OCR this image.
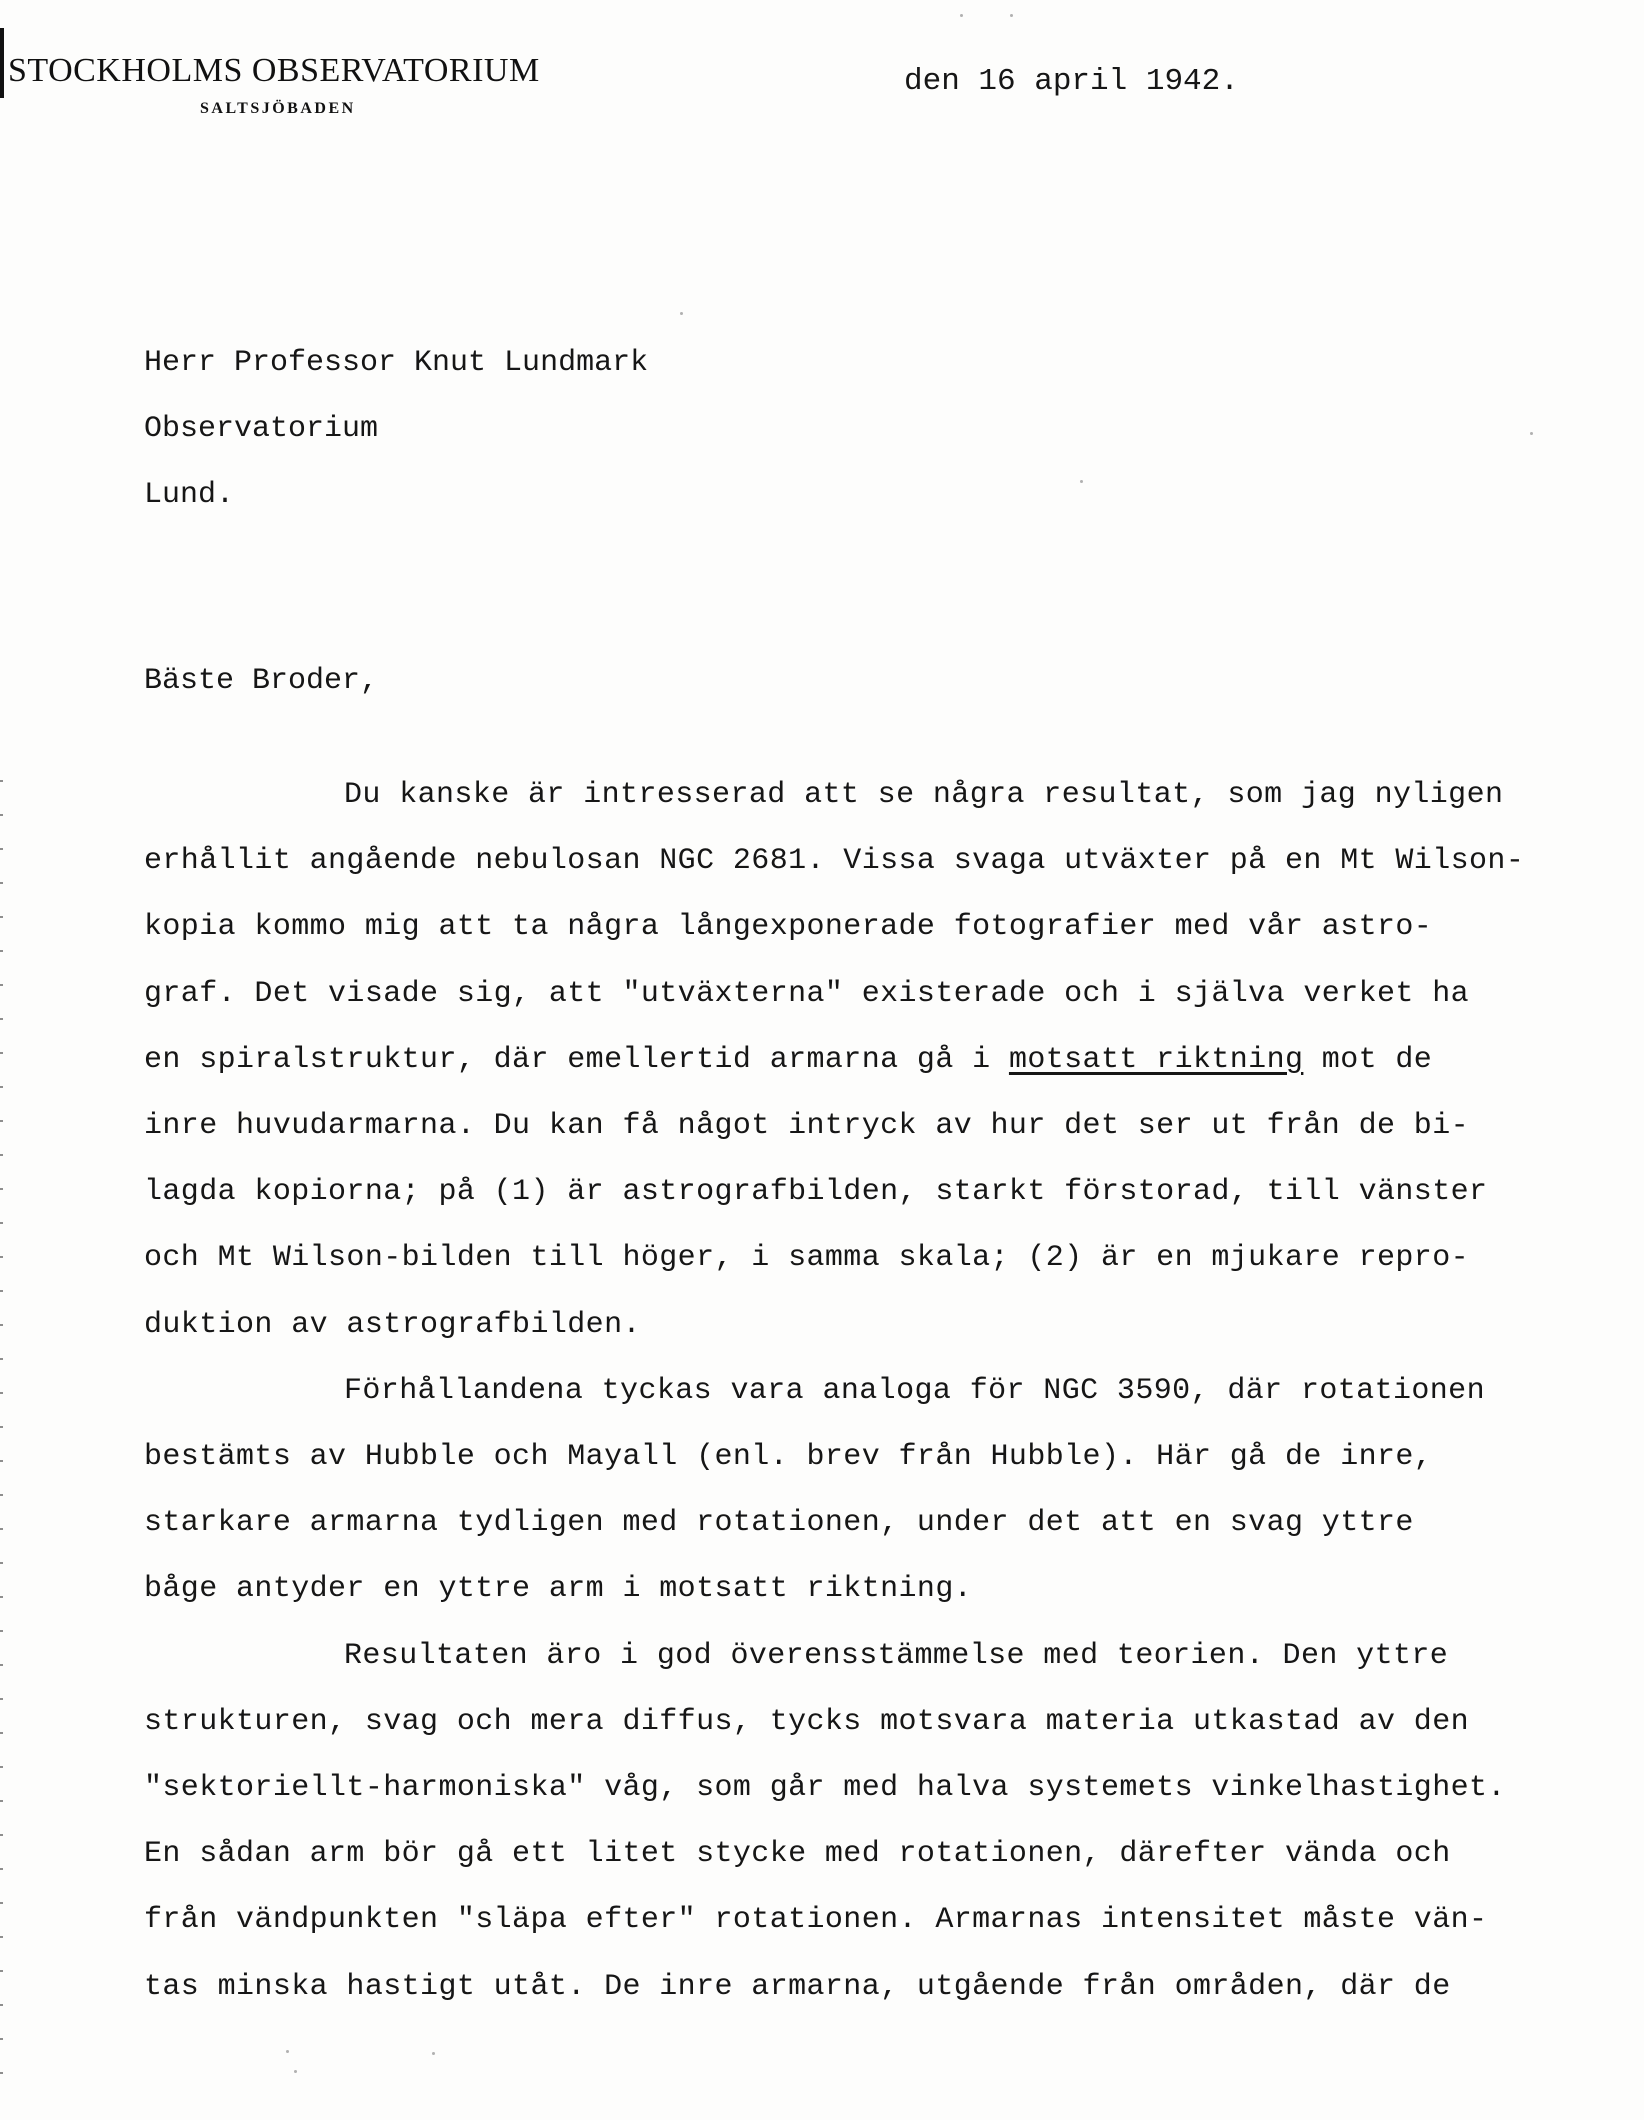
STOCKHOLMS OBSERVATORIUM
SALTSJÖBADEN
den 16 april 1942.
Herr Professor Knut Lundmark
Observatorium
Lund.
Bäste Broder,
Du kanske är intresserad att se några resultat, som jag nyligen
erhållit angående nebulosan NGC 2681. Vissa svaga utväxter på en Mt Wilson-
kopia kommo mig att ta några långexponerade fotografier med vår astro-
graf. Det visade sig, att "utväxterna" existerade och i själva verket ha
en spiralstruktur, där emellertid armarna gå i motsatt riktning mot de
inre huvudarmarna. Du kan få något intryck av hur det ser ut från de bi-
lagda kopiorna; på (1) är astrografbilden, starkt förstorad, till vänster
och Mt Wilson-bilden till höger, i samma skala; (2) är en mjukare repro-
duktion av astrografbilden.
Förhållandena tyckas vara analoga för NGC 3590, där rotationen
bestämts av Hubble och Mayall (enl. brev från Hubble). Här gå de inre,
starkare armarna tydligen med rotationen, under det att en svag yttre
båge antyder en yttre arm i motsatt riktning.
Resultaten äro i god överensstämmelse med teorien. Den yttre
strukturen, svag och mera diffus, tycks motsvara materia utkastad av den
"sektoriellt-harmoniska" våg, som går med halva systemets vinkelhastighet.
En sådan arm bör gå ett litet stycke med rotationen, därefter vända och
från vändpunkten "släpa efter" rotationen. Armarnas intensitet måste vän-
tas minska hastigt utåt. De inre armarna, utgående från områden, där de
